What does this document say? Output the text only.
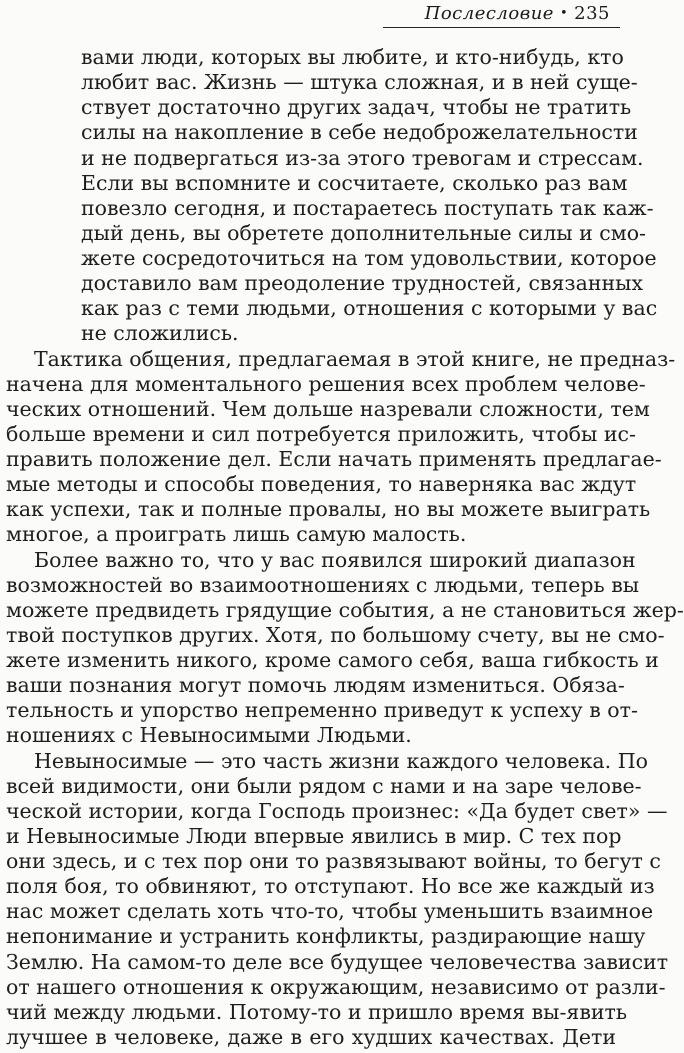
Послесловие • 235
вами люди, которых вы любите, и кто-нибудь, кто
любит вас. Жизнь — штука сложная, и в ней суще-
ствует достаточно других задач, чтобы не тратить
силы на накопление в себе недоброжелательности
и не подвергаться из-за этого тревогам и стрессам.
Если вы вспомните и сосчитаете, сколько раз вам
повезло сегодня, и постараетесь поступать так каж-
дый день, вы обретете дополнительные силы и смо-
жете сосредоточиться на том удовольствии, которое
доставило вам преодоление трудностей, связанных
как раз с теми людьми, отношения с которыми у вас
не сложились.
Тактика общения, предлагаемая в этой книге, не предназ-
начена для моментального решения всех проблем челове-
ческих отношений. Чем дольше назревали сложности, тем
больше времени и сил потребуется приложить, чтобы ис-
править положение дел. Если начать применять предлагае-
мые методы и способы поведения, то наверняка вас ждут
как успехи, так и полные провалы, но вы можете выиграть
многое, а проиграть лишь самую малость.
Более важно то, что у вас появился широкий диапазон
возможностей во взаимоотношениях с людьми, теперь вы
можете предвидеть грядущие события, а не становиться жер-
твой поступков других. Хотя, по большому счету, вы не смо-
жете изменить никого, кроме самого себя, ваша гибкость и
ваши познания могут помочь людям измениться. Обяза-
тельность и упорство непременно приведут к успеху в от-
ношениях с Невыносимыми Людьми.
Невыносимые — это часть жизни каждого человека. По
всей видимости, они были рядом с нами и на заре челове-
ческой истории, когда Господь произнес: «Да будет свет» —
и Невыносимые Люди впервые явились в мир. С тех пор
они здесь, и с тех пор они то развязывают войны, то бегут с
поля боя, то обвиняют, то отступают. Но все же каждый из
нас может сделать хоть что-то, чтобы уменьшить взаимное
непонимание и устранить конфликты, раздирающие нашу
Землю. На самом-то деле все будущее человечества зависит
от нашего отношения к окружающим, независимо от разли-
чий между людьми. Потому-то и пришло время вы-явить
лучшее в человеке, даже в его худших качествах. Дети
